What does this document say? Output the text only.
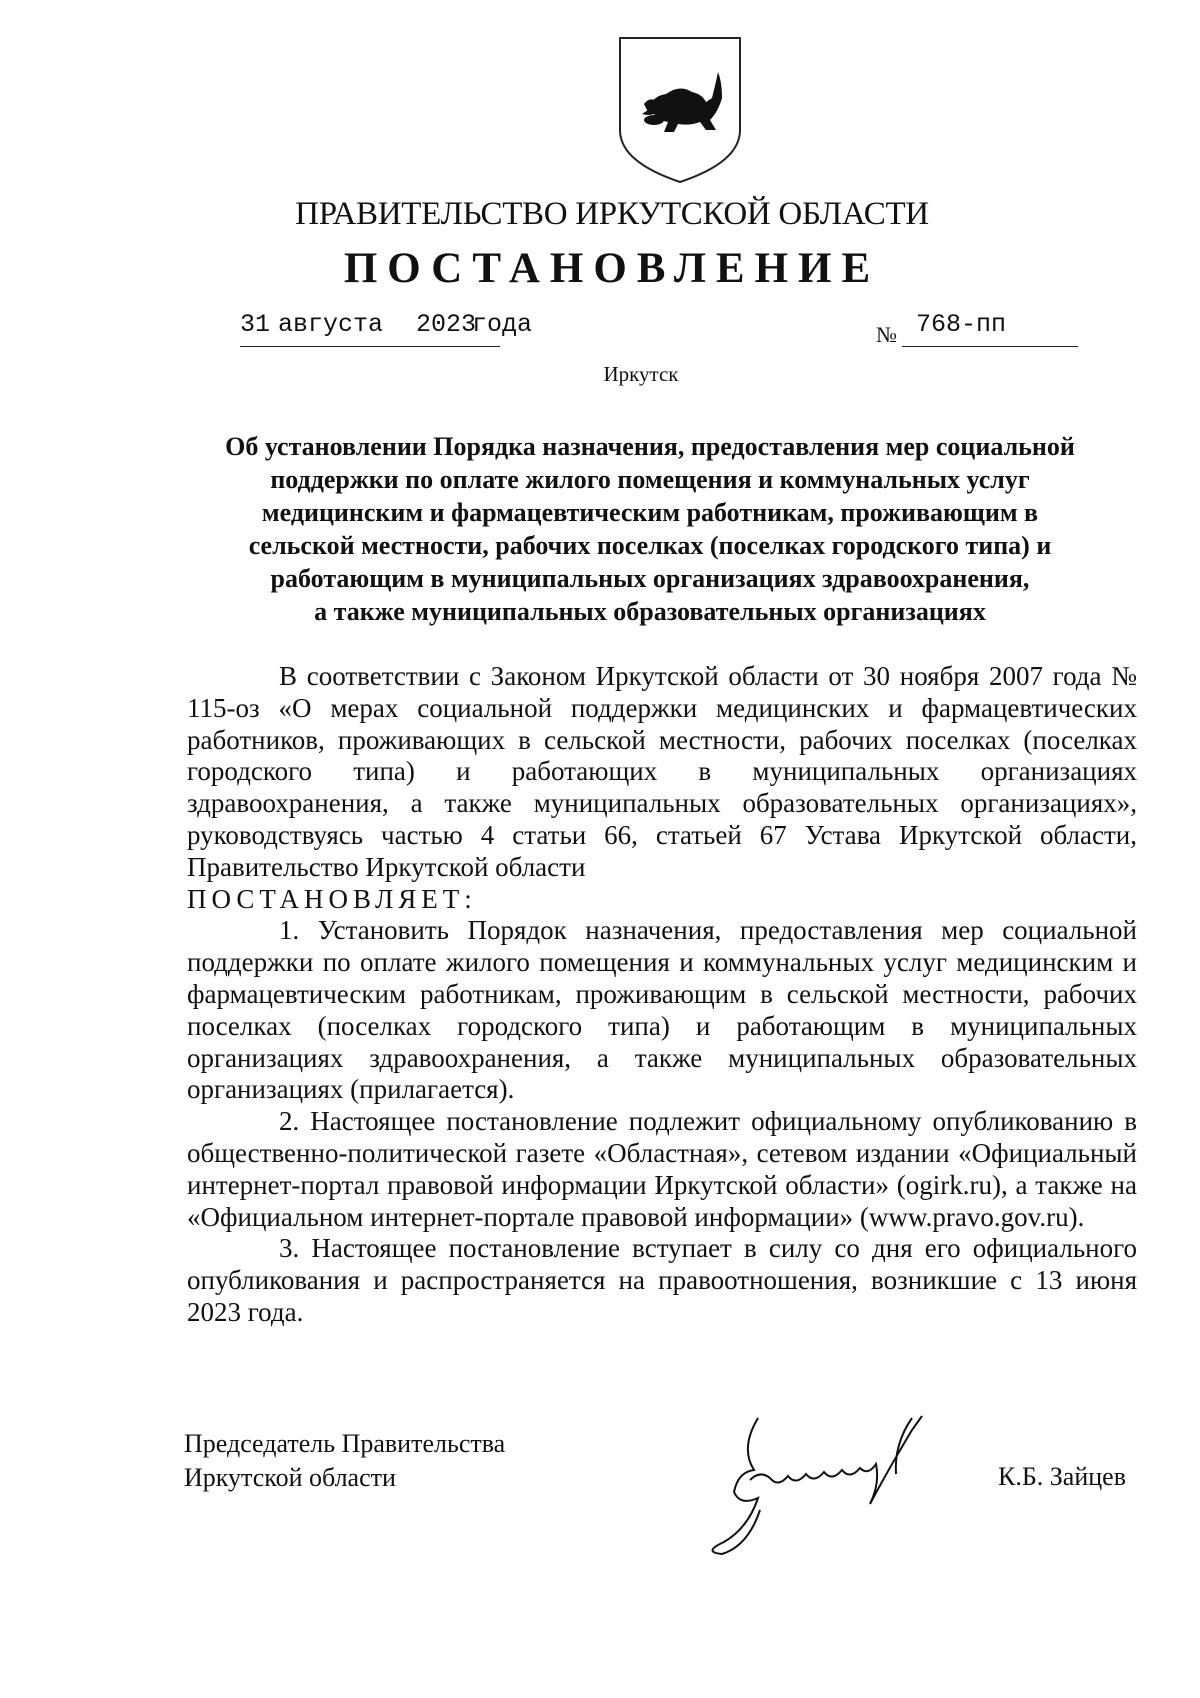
ПРАВИТЕЛЬСТВО ИРКУТСКОЙ ОБЛАСТИ
ПОСТАНОВЛЕНИЕ
31 августа 2023
года	№ 768-пп
Иркутск
Об установлении Порядка назначения, предоставления мер социальной
поддержки по оплате жилого помещения и коммунальных услуг
медицинским и фармацевтическим работникам, проживающим в
сельской местности, рабочих поселках (поселках городского типа) и
работающим в муниципальных организациях здравоохранения,
а также муниципальных образовательных организациях

В соответствии с Законом Иркутской области от 30 ноября 2007 года № 115-оз «О мерах социальной поддержки медицинских и фармацевтических работников, проживающих в сельской местности, рабочих поселках (поселках городского типа) и работающих в муниципальных организациях здравоохранения, а также муниципальных образовательных организациях», руководствуясь частью 4 статьи 66, статьей 67 Устава Иркутской области, Правительство Иркутской области

ПОСТАНОВЛЯЕТ:

1. Установить Порядок назначения, предоставления мер социальной поддержки по оплате жилого помещения и коммунальных услуг медицинским и фармацевтическим работникам, проживающим в сельской местности, рабочих поселках (поселках городского типа) и работающим в муниципальных организациях здравоохранения, а также муниципальных образовательных организациях (прилагается).

2. Настоящее постановление подлежит официальному опубликованию в общественно-политической газете «Областная», сетевом издании «Официальный интернет-портал правовой информации Иркутской области» (ogirk.ru), а также на «Официальном интернет-портале правовой информации» (www.pravo.gov.ru).

3. Настоящее постановление вступает в силу со дня его официального опубликования и распространяется на правоотношения, возникшие с 13 июня 2023 года.

Председатель Правительства
Иркутской области	К.Б. Зайцев
